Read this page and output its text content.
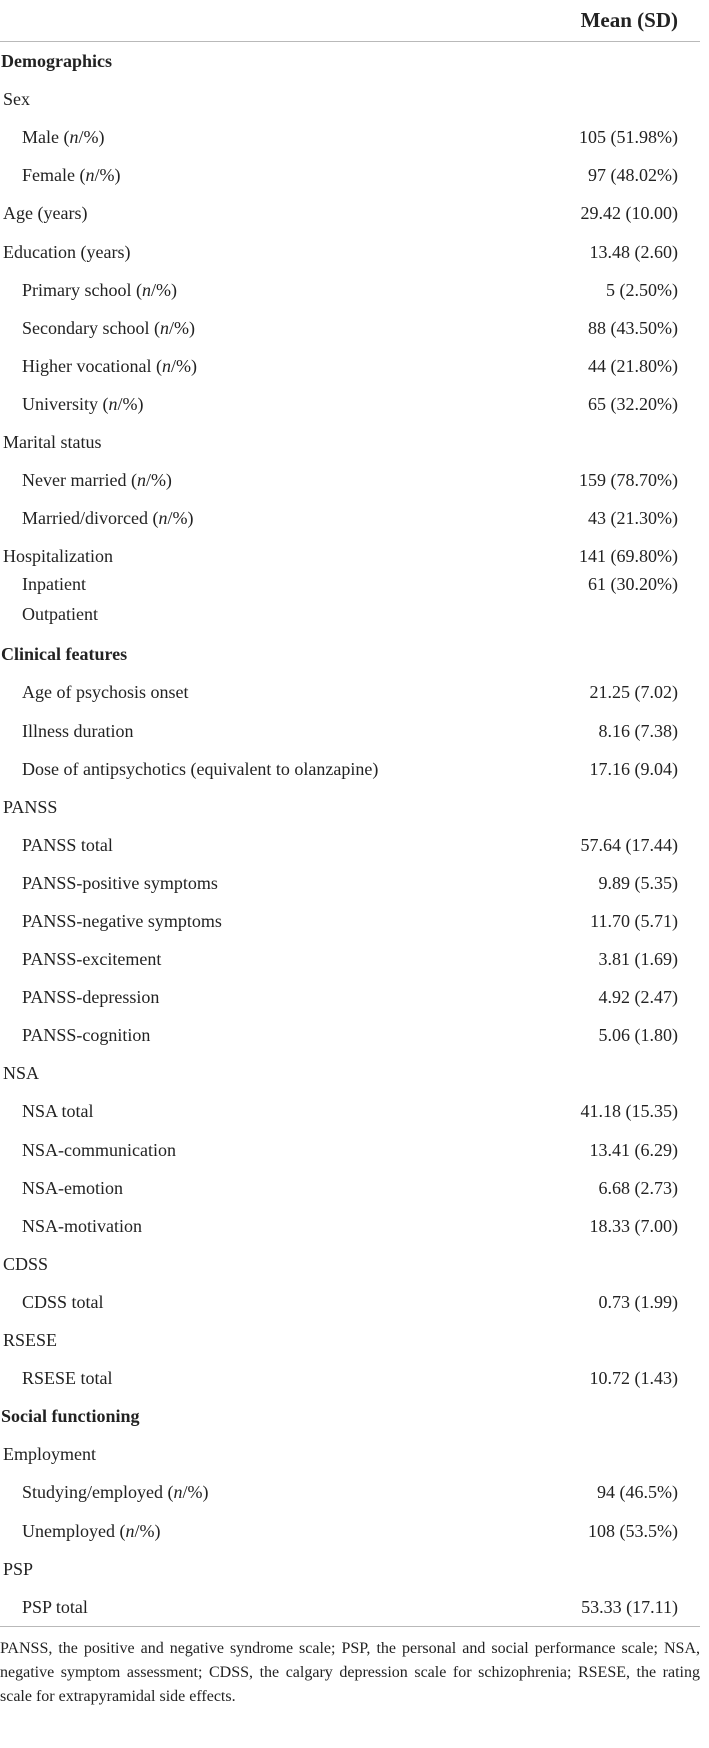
	Mean (SD)
Demographics	
Sex	
Male (n/%)	105 (51.98%)
Female (n/%)	97 (48.02%)
Age (years)	29.42 (10.00)
Education (years)	13.48 (2.60)
Primary school (n/%)	5 (2.50%)
Secondary school (n/%)	88 (43.50%)
Higher vocational (n/%)	44 (21.80%)
University (n/%)	65 (32.20%)
Marital status	
Never married (n/%)	159 (78.70%)
Married/divorced (n/%)	43 (21.30%)
Hospitalization	141 (69.80%)
Inpatient	61 (30.20%)
Outpatient	
Clinical features	
Age of psychosis onset	21.25 (7.02)
Illness duration	8.16 (7.38)
Dose of antipsychotics (equivalent to olanzapine)	17.16 (9.04)
PANSS	
PANSS total	57.64 (17.44)
PANSS-positive symptoms	9.89 (5.35)
PANSS-negative symptoms	11.70 (5.71)
PANSS-excitement	3.81 (1.69)
PANSS-depression	4.92 (2.47)
PANSS-cognition	5.06 (1.80)
NSA	
NSA total	41.18 (15.35)
NSA-communication	13.41 (6.29)
NSA-emotion	6.68 (2.73)
NSA-motivation	18.33 (7.00)
CDSS	
CDSS total	0.73 (1.99)
RSESE	
RSESE total	10.72 (1.43)
Social functioning	
Employment	
Studying/employed (n/%)	94 (46.5%)
Unemployed (n/%)	108 (53.5%)
PSP	
PSP total	53.33 (17.11)
PANSS, the positive and negative syndrome scale; PSP, the personal and social performance scale; NSA, negative symptom assessment; CDSS, the calgary depression scale for schizophrenia; RSESE, the rating scale for extrapyramidal side effects.
